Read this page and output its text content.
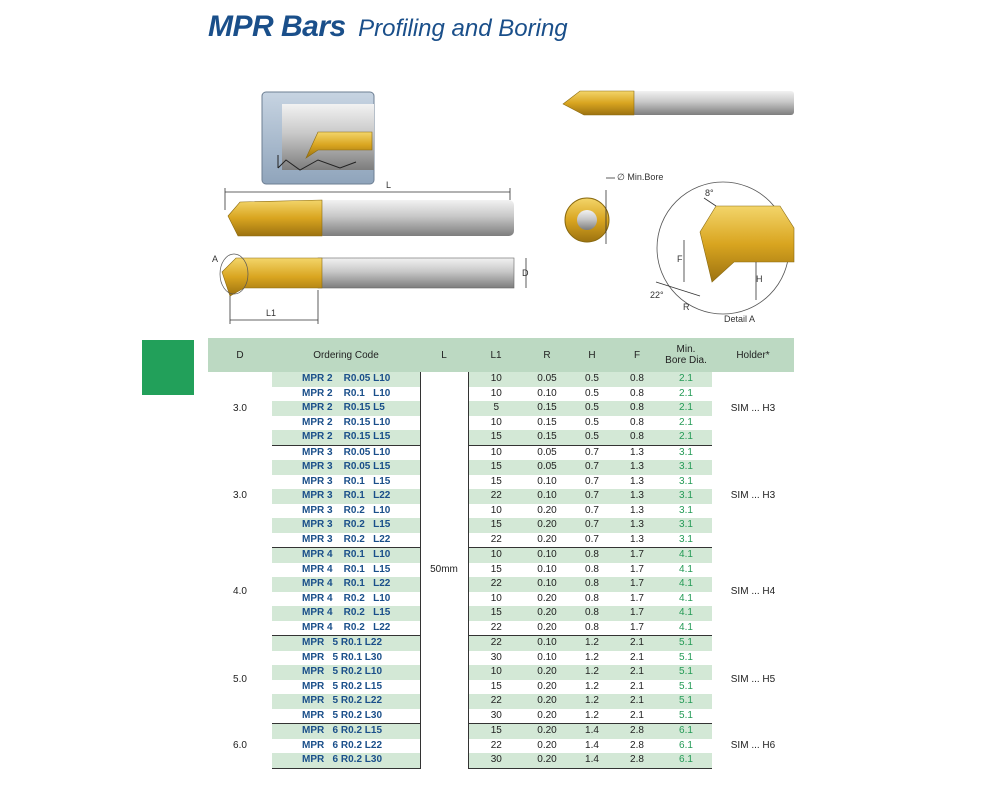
MPR Bars Profiling and Boring
L
D
A
L1
∅ Min.Bore
8°
F
H
22°
R
Detail A
D	Ordering Code	L	L1	R	H	F	Min.
Bore Dia.	Holder*
3.0	MPR 2    R0.05 L10	50mm	10	0.05	0.5	0.8	2.1	SIM ... H3
	MPR 2    R0.1   L10		10	0.10	0.5	0.8	2.1	
	MPR 2    R0.15 L5		5	0.15	0.5	0.8	2.1	
	MPR 2    R0.15 L10		10	0.15	0.5	0.8	2.1	
	MPR 2    R0.15 L15		15	0.15	0.5	0.8	2.1	
3.0	MPR 3    R0.05 L10		10	0.05	0.7	1.3	3.1	SIM ... H3
	MPR 3    R0.05 L15		15	0.05	0.7	1.3	3.1	
	MPR 3    R0.1   L15		15	0.10	0.7	1.3	3.1	
	MPR 3    R0.1   L22		22	0.10	0.7	1.3	3.1	
	MPR 3    R0.2   L10		10	0.20	0.7	1.3	3.1	
	MPR 3    R0.2   L15		15	0.20	0.7	1.3	3.1	
	MPR 3    R0.2   L22		22	0.20	0.7	1.3	3.1	
4.0	MPR 4    R0.1   L10		10	0.10	0.8	1.7	4.1	SIM ... H4
	MPR 4    R0.1   L15		15	0.10	0.8	1.7	4.1	
	MPR 4    R0.1   L22		22	0.10	0.8	1.7	4.1	
	MPR 4    R0.2   L10		10	0.20	0.8	1.7	4.1	
	MPR 4    R0.2   L15		15	0.20	0.8	1.7	4.1	
	MPR 4    R0.2   L22		22	0.20	0.8	1.7	4.1	
5.0	MPR   5 R0.1 L22		22	0.10	1.2	2.1	5.1	SIM ... H5
	MPR   5 R0.1 L30		30	0.10	1.2	2.1	5.1	
	MPR   5 R0.2 L10		10	0.20	1.2	2.1	5.1	
	MPR   5 R0.2 L15		15	0.20	1.2	2.1	5.1	
	MPR   5 R0.2 L22		22	0.20	1.2	2.1	5.1	
	MPR   5 R0.2 L30		30	0.20	1.2	2.1	5.1	
6.0	MPR   6 R0.2 L15		15	0.20	1.4	2.8	6.1	SIM ... H6
	MPR   6 R0.2 L22		22	0.20	1.4	2.8	6.1	
	MPR   6 R0.2 L30		30	0.20	1.4	2.8	6.1	
